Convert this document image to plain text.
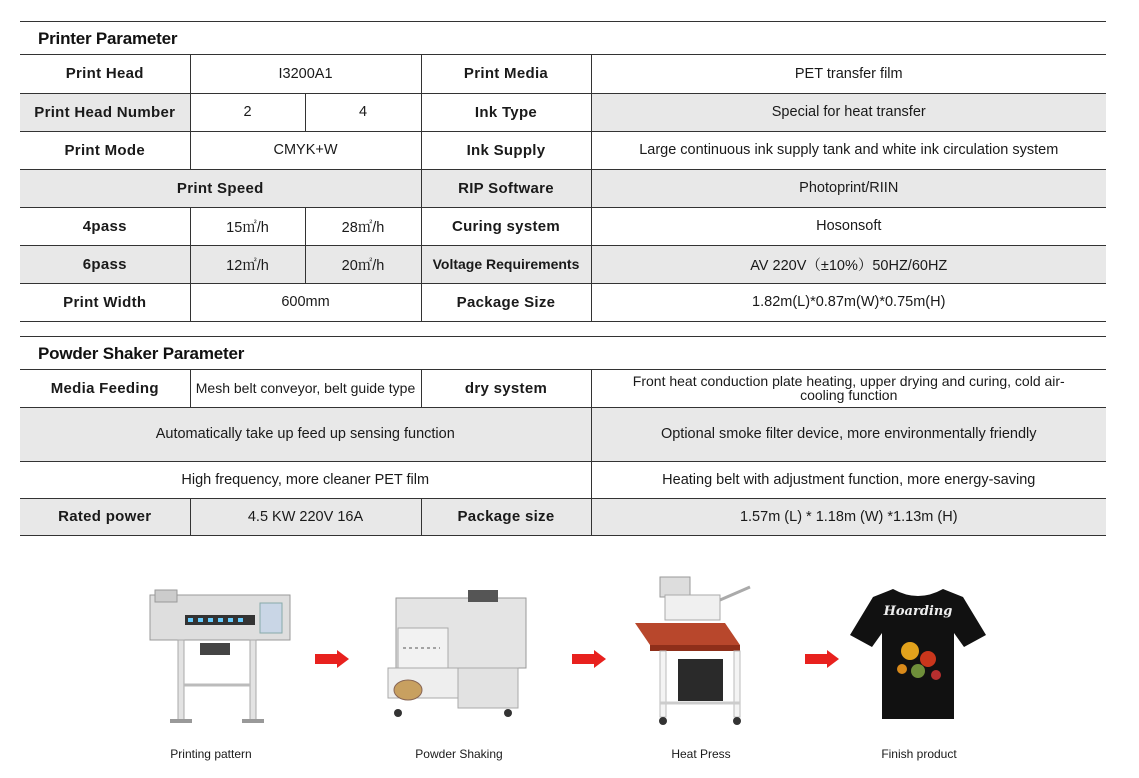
Printer Parameter
Print Head	I3200A1		Print Media	PET transfer film
Print Head Number	2	4	Ink Type	Special for heat transfer
Print Mode	CMYK+W		Ink Supply	Large continuous ink supply tank and white ink circulation system
Print Speed			RIP Software	Photoprint/RIIN
4pass	15㎡/h	28㎡/h	Curing system	Hosonsoft
6pass	12㎡/h	20㎡/h	Voltage Requirements	AV 220V（±10%）50HZ/60HZ
Print Width	600mm		Package Size	1.82m(L)*0.87m(W)*0.75m(H)
Powder Shaker Parameter
Media Feeding	Mesh belt conveyor, belt guide type	dry system	Front heat conduction plate heating, upper drying and curing, cold air-cooling function
Automatically take up feed up sensing function			Optional smoke filter device, more environmentally friendly
High frequency, more cleaner PET film			Heating belt with adjustment function, more energy-saving
Rated power	4.5 KW 220V 16A	Package size	1.57m (L) * 1.18m (W) *1.13m (H)
Hoarding
Printing pattern	Powder Shaking	Heat Press	Finish product
